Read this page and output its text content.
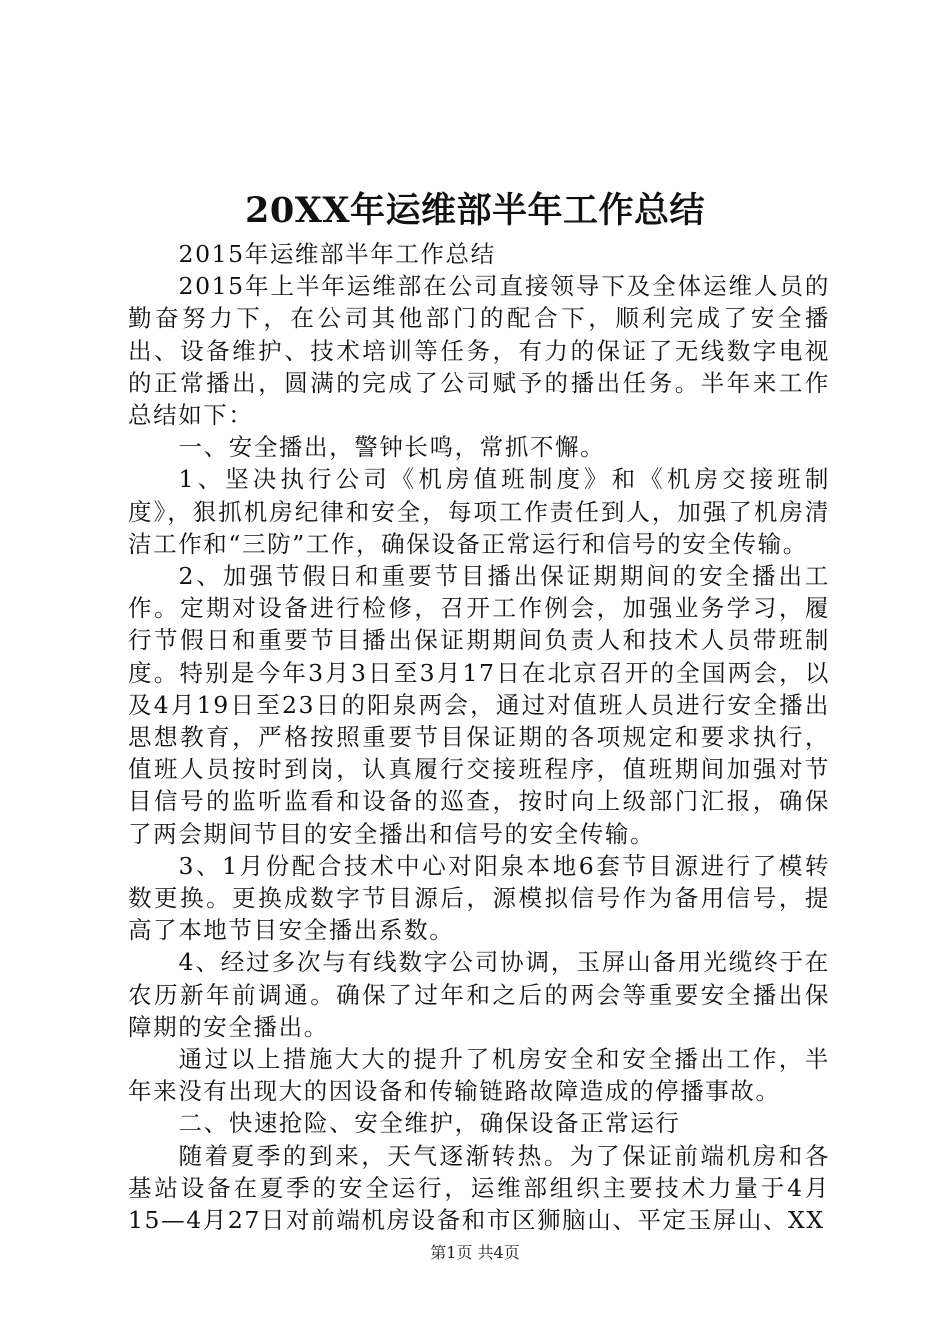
20XX年运维部半年工作总结

2015年运维部半年工作总结

2015年上半年运维部在公司直接领导下及全体运维人员的勤奋努力下，在公司其他部门的配合下，顺利完成了安全播出、设备维护、技术培训等任务，有力的保证了无线数字电视的正常播出，圆满的完成了公司赋予的播出任务。半年来工作总结如下：

一、安全播出，警钟长鸣，常抓不懈。

1、坚决执行公司《机房值班制度》和《机房交接班制度》，狠抓机房纪律和安全，每项工作责任到人，加强了机房清洁工作和“三防”工作，确保设备正常运行和信号的安全传输。

2、加强节假日和重要节目播出保证期期间的安全播出工作。定期对设备进行检修，召开工作例会，加强业务学习，履行节假日和重要节目播出保证期期间负责人和技术人员带班制度。特别是今年3月3日至3月17日在北京召开的全国两会，以及4月19日至23日的阳泉两会，通过对值班人员进行安全播出思想教育，严格按照重要节目保证期的各项规定和要求执行，值班人员按时到岗，认真履行交接班程序，值班期间加强对节目信号的监听监看和设备的巡查，按时向上级部门汇报，确保了两会期间节目的安全播出和信号的安全传输。

3、1月份配合技术中心对阳泉本地6套节目源进行了模转数更换。更换成数字节目源后，源模拟信号作为备用信号，提高了本地节目安全播出系数。

4、经过多次与有线数字公司协调，玉屏山备用光缆终于在农历新年前调通。确保了过年和之后的两会等重要安全播出保障期的安全播出。

通过以上措施大大的提升了机房安全和安全播出工作，半年来没有出现大的因设备和传输链路故障造成的停播事故。

二、快速抢险、安全维护，确保设备正常运行

随着夏季的到来，天气逐渐转热。为了保证前端机房和各基站设备在夏季的安全运行，运维部组织主要技术力量于4月15—4月27日对前端机房设备和市区狮脑山、平定玉屏山、XX

第1页 共4页
